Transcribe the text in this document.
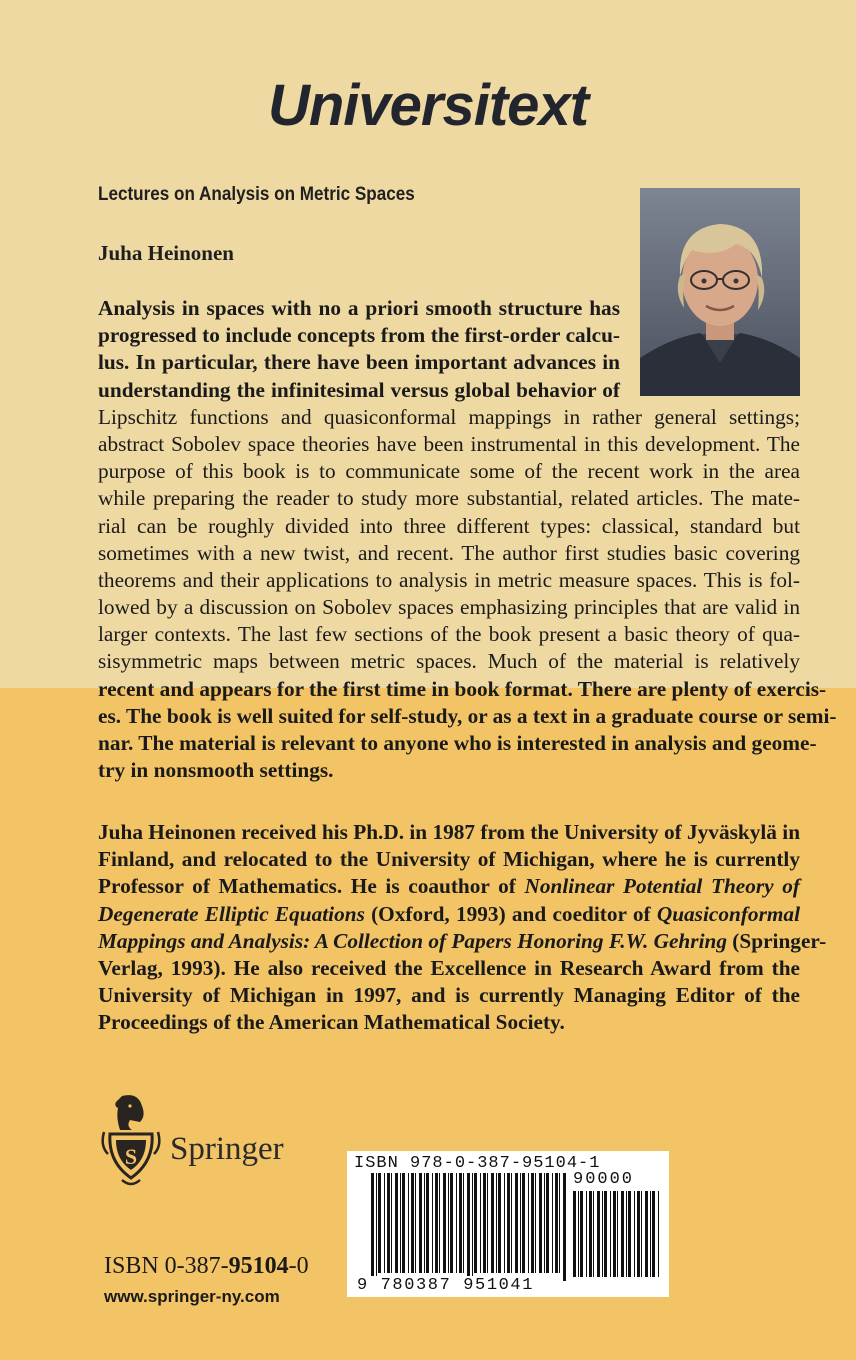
Universitext
Lectures on Analysis on Metric Spaces
Juha Heinonen
Analysis in spaces with no a priori smooth structure has
progressed to include concepts from the first-order calcu-
lus. In particular, there have been important advances in
understanding the infinitesimal versus global behavior of
Lipschitz functions and quasiconformal mappings in rather general settings;
abstract Sobolev space theories have been instrumental in this development. The
purpose of this book is to communicate some of the recent work in the area
while preparing the reader to study more substantial, related articles. The mate-
rial can be roughly divided into three different types: classical, standard but
sometimes with a new twist, and recent. The author first studies basic covering
theorems and their applications to analysis in metric measure spaces. This is fol-
lowed by a discussion on Sobolev spaces emphasizing principles that are valid in
larger contexts. The last few sections of the book present a basic theory of qua-
sisymmetric maps between metric spaces. Much of the material is relatively
recent and appears for the first time in book format. There are plenty of exercis-
es. The book is well suited for self-study, or as a text in a graduate course or semi-
nar. The material is relevant to anyone who is interested in analysis and geome-
try in nonsmooth settings.
Juha Heinonen received his Ph.D. in 1987 from the University of Jyväskylä in
Finland, and relocated to the University of Michigan, where he is currently
Professor of Mathematics. He is coauthor of Nonlinear Potential Theory of
Degenerate Elliptic Equations (Oxford, 1993) and coeditor of Quasiconformal
Mappings and Analysis: A Collection of Papers Honoring F.W. Gehring (Springer-
Verlag, 1993). He also received the Excellence in Research Award from the
University of Michigan in 1997, and is currently Managing Editor of the
Proceedings of the American Mathematical Society.
S Springer
ISBN 0-387-95104-0
www.springer-ny.com
ISBN 978-0-387-95104-1
90000
9 780387 951041
